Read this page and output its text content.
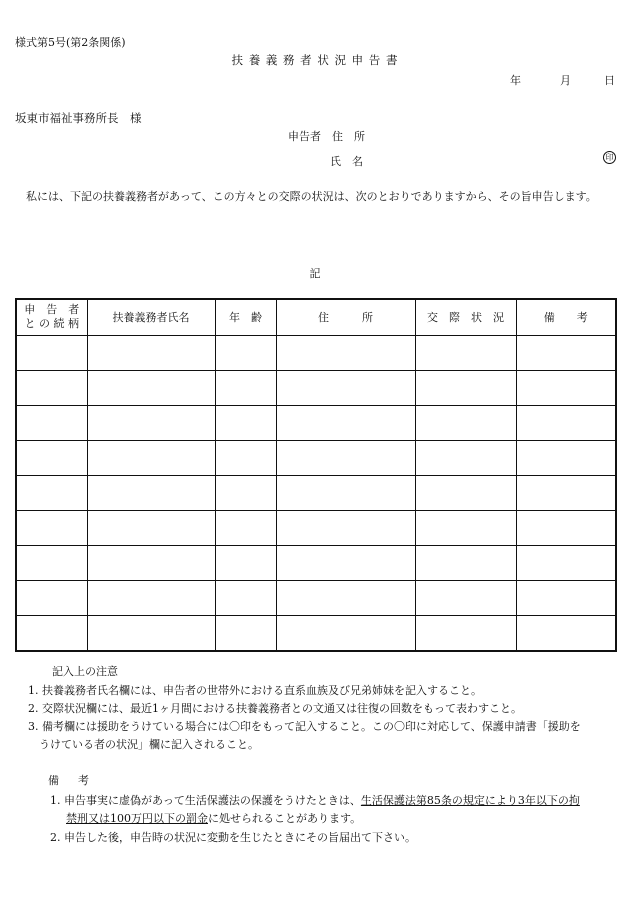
様式第5号(第2条関係)
扶 養 義 務 者 状 況 申 告 書
年	月	日
坂東市福祉事務所長　様
申告者　住　所
氏　名	印
私には、下記の扶養義務者があって、この方々との交際の状況は、次のとおりでありますから、その旨申告します。
記
申　告　者
と の 続 柄	扶養義務者氏名	年　齢	住　　　所	交　際　状　況	備　　考

記入上の注意
1. 扶養義務者氏名欄には、申告者の世帯外における直系血族及び兄弟姉妹を記入すること。
2. 交際状況欄には、最近1ヶ月間における扶養義務者との文通又は往復の回数をもって表わすこと。
3. 備考欄には援助をうけている場合には〇印をもって記入すること。この〇印に対応して、保護申請書「援助を
うけている者の状況」欄に記入されること。
備　考
1. 申告事実に虚偽があって生活保護法の保護をうけたときは、生活保護法第85条の規定により3年以下の拘
禁刑又は100万円以下の罰金に処せられることがあります。
2. 申告した後，申告時の状況に変動を生じたときにその旨届出て下さい。
